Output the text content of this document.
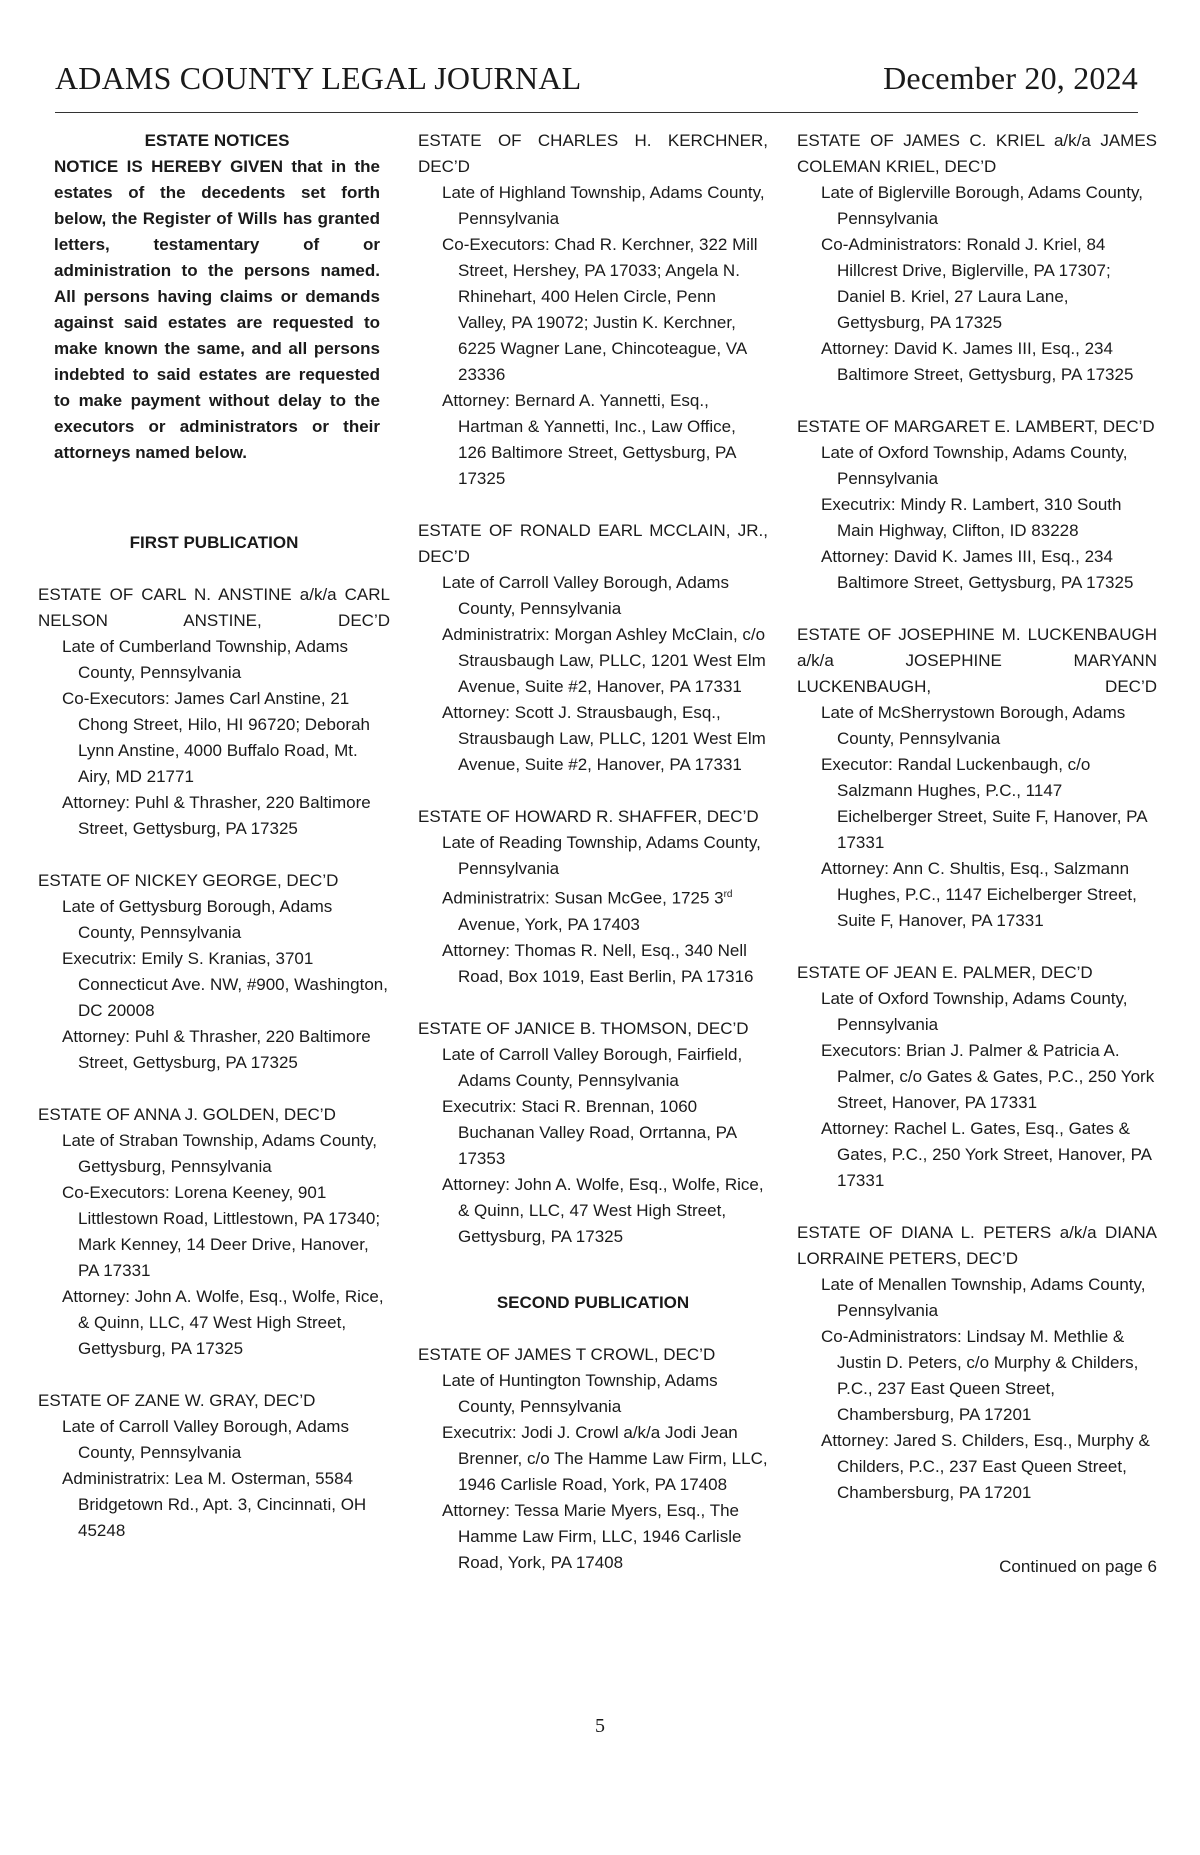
ADAMS COUNTY LEGAL JOURNAL	December 20, 2024
ESTATE NOTICES
NOTICE IS HEREBY GIVEN that in the estates of the decedents set forth below, the Register of Wills has granted letters, testamentary of or administration to the persons named. All persons having claims or demands against said estates are requested to make known the same, and all persons indebted to said estates are requested to make payment without delay to the executors or administrators or their attorneys named below.
FIRST PUBLICATION
ESTATE OF CARL N. ANSTINE a/k/a CARL NELSON ANSTINE, DEC’D
Late of Cumberland Township, Adams County, Pennsylvania
Co-Executors: James Carl Anstine, 21 Chong Street, Hilo, HI 96720; Deborah Lynn Anstine, 4000 Buffalo Road, Mt. Airy, MD 21771
Attorney: Puhl & Thrasher, 220 Baltimore Street, Gettysburg, PA 17325
ESTATE OF NICKEY GEORGE, DEC’D
Late of Gettysburg Borough, Adams County, Pennsylvania
Executrix: Emily S. Kranias, 3701 Connecticut Ave. NW, #900, Washington, DC 20008
Attorney: Puhl & Thrasher, 220 Baltimore Street, Gettysburg, PA 17325
ESTATE OF ANNA J. GOLDEN, DEC’D
Late of Straban Township, Adams County, Gettysburg, Pennsylvania
Co-Executors: Lorena Keeney, 901 Littlestown Road, Littlestown, PA 17340; Mark Kenney, 14 Deer Drive, Hanover, PA 17331
Attorney: John A. Wolfe, Esq., Wolfe, Rice, & Quinn, LLC, 47 West High Street, Gettysburg, PA 17325
ESTATE OF ZANE W. GRAY, DEC’D
Late of Carroll Valley Borough, Adams County, Pennsylvania
Administratrix: Lea M. Osterman, 5584 Bridgetown Rd., Apt. 3, Cincinnati, OH 45248
ESTATE OF CHARLES H. KERCHNER, DEC’D
Late of Highland Township, Adams County, Pennsylvania
Co-Executors: Chad R. Kerchner, 322 Mill Street, Hershey, PA 17033; Angela N. Rhinehart, 400 Helen Circle, Penn Valley, PA 19072; Justin K. Kerchner, 6225 Wagner Lane, Chincoteague, VA 23336
Attorney: Bernard A. Yannetti, Esq., Hartman & Yannetti, Inc., Law Office, 126 Baltimore Street, Gettysburg, PA 17325
ESTATE OF RONALD EARL MCCLAIN, JR., DEC’D
Late of Carroll Valley Borough, Adams County, Pennsylvania
Administratrix: Morgan Ashley McClain, c/o Strausbaugh Law, PLLC, 1201 West Elm Avenue, Suite #2, Hanover, PA 17331
Attorney: Scott J. Strausbaugh, Esq., Strausbaugh Law, PLLC, 1201 West Elm Avenue, Suite #2, Hanover, PA 17331
ESTATE OF HOWARD R. SHAFFER, DEC’D
Late of Reading Township, Adams County, Pennsylvania
Administratrix: Susan McGee, 1725 3rd Avenue, York, PA 17403
Attorney: Thomas R. Nell, Esq., 340 Nell Road, Box 1019, East Berlin, PA 17316
ESTATE OF JANICE B. THOMSON, DEC’D
Late of Carroll Valley Borough, Fairfield, Adams County, Pennsylvania
Executrix: Staci R. Brennan, 1060 Buchanan Valley Road, Orrtanna, PA 17353
Attorney: John A. Wolfe, Esq., Wolfe, Rice, & Quinn, LLC, 47 West High Street, Gettysburg, PA 17325
SECOND PUBLICATION
ESTATE OF JAMES T CROWL, DEC’D
Late of Huntington Township, Adams County, Pennsylvania
Executrix: Jodi J. Crowl a/k/a Jodi Jean Brenner, c/o The Hamme Law Firm, LLC, 1946 Carlisle Road, York, PA 17408
Attorney: Tessa Marie Myers, Esq., The Hamme Law Firm, LLC, 1946 Carlisle Road, York, PA 17408
ESTATE OF JAMES C. KRIEL a/k/a JAMES COLEMAN KRIEL, DEC’D
Late of Biglerville Borough, Adams County, Pennsylvania
Co-Administrators: Ronald J. Kriel, 84 Hillcrest Drive, Biglerville, PA 17307; Daniel B. Kriel, 27 Laura Lane, Gettysburg, PA 17325
Attorney: David K. James III, Esq., 234 Baltimore Street, Gettysburg, PA 17325
ESTATE OF MARGARET E. LAMBERT, DEC’D
Late of Oxford Township, Adams County, Pennsylvania
Executrix: Mindy R. Lambert, 310 South Main Highway, Clifton, ID 83228
Attorney: David K. James III, Esq., 234 Baltimore Street, Gettysburg, PA 17325
ESTATE OF JOSEPHINE M. LUCKENBAUGH a/k/a JOSEPHINE MARYANN LUCKENBAUGH, DEC’D
Late of McSherrystown Borough, Adams County, Pennsylvania
Executor: Randal Luckenbaugh, c/o Salzmann Hughes, P.C., 1147 Eichelberger Street, Suite F, Hanover, PA 17331
Attorney: Ann C. Shultis, Esq., Salzmann Hughes, P.C., 1147 Eichelberger Street, Suite F, Hanover, PA 17331
ESTATE OF JEAN E. PALMER, DEC’D
Late of Oxford Township, Adams County, Pennsylvania
Executors: Brian J. Palmer & Patricia A. Palmer, c/o Gates & Gates, P.C., 250 York Street, Hanover, PA 17331
Attorney: Rachel L. Gates, Esq., Gates & Gates, P.C., 250 York Street, Hanover, PA 17331
ESTATE OF DIANA L. PETERS a/k/a DIANA LORRAINE PETERS, DEC’D
Late of Menallen Township, Adams County, Pennsylvania
Co-Administrators: Lindsay M. Methlie & Justin D. Peters, c/o Murphy & Childers, P.C., 237 East Queen Street, Chambersburg, PA 17201
Attorney: Jared S. Childers, Esq., Murphy & Childers, P.C., 237 East Queen Street, Chambersburg, PA 17201
Continued on page 6
5
